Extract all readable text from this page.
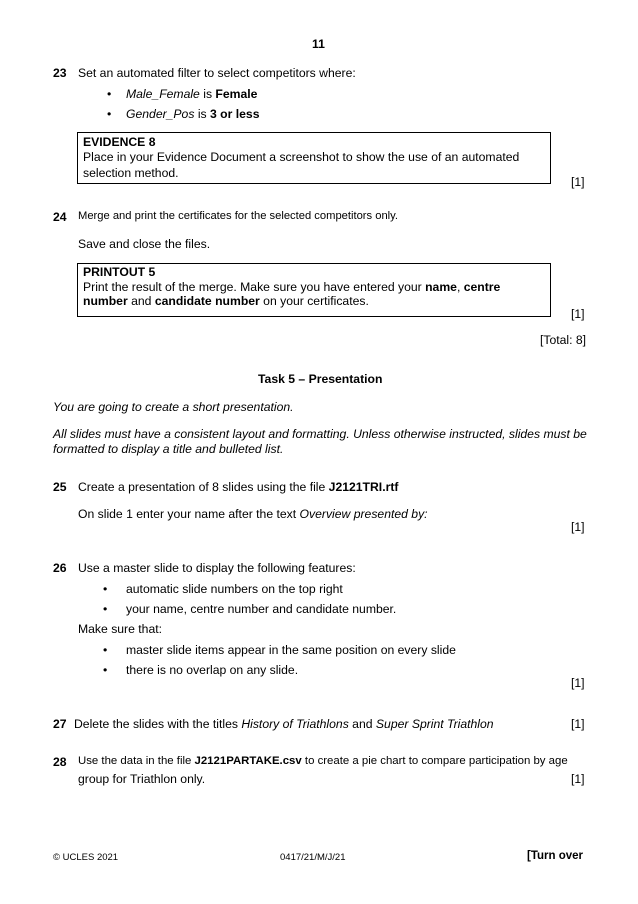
11
23 Set an automated filter to select competitors where:
• Male_Female is Female
• Gender_Pos is 3 or less
EVIDENCE 8
Place in your Evidence Document a screenshot to show the use of an automated
selection method.
[1]
24 Merge and print the certificates for the selected competitors only.
Save and close the files.
PRINTOUT 5
Print the result of the merge. Make sure you have entered your name, centre
number and candidate number on your certificates.
[1]
[Total: 8]
Task 5 – Presentation
You are going to create a short presentation.
All slides must have a consistent layout and formatting. Unless otherwise instructed, slides must be
formatted to display a title and bulleted list.
25 Create a presentation of 8 slides using the file J2121TRI.rtf
On slide 1 enter your name after the text Overview presented by:
[1]
26 Use a master slide to display the following features:
• automatic slide numbers on the top right
• your name, centre number and candidate number.
Make sure that:
• master slide items appear in the same position on every slide
• there is no overlap on any slide.
[1]
27 Delete the slides with the titles History of Triathlons and Super Sprint Triathlon	[1]
28 Use the data in the file J2121PARTAKE.csv to create a pie chart to compare participation by age
group for Triathlon only.	[1]
© UCLES 2021	0417/21/M/J/21	[Turn over
